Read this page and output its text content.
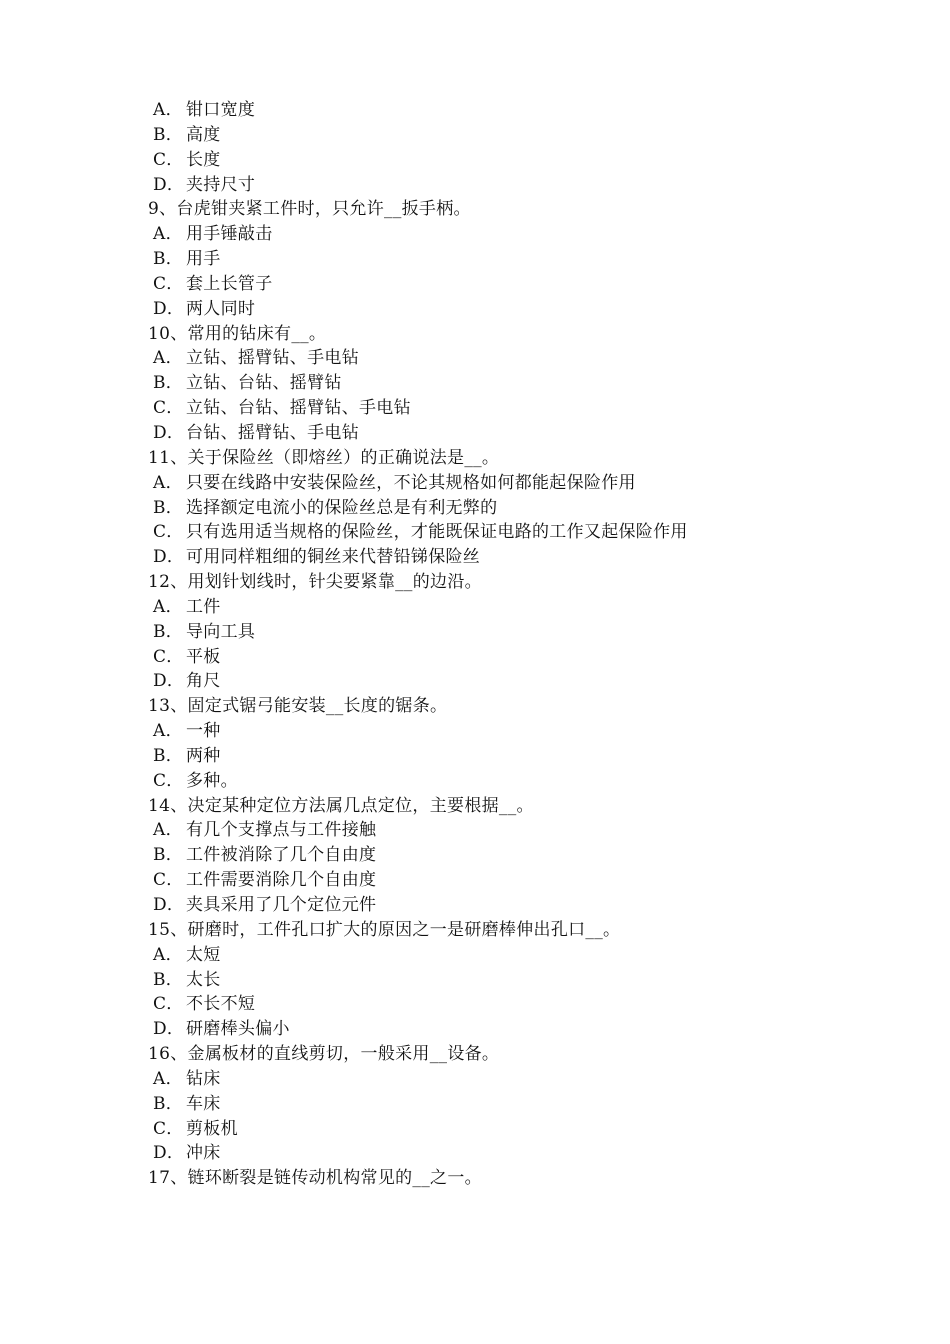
A． 钳口宽度
B． 高度
C． 长度
D． 夹持尺寸
9、台虎钳夹紧工件时，只允许__扳手柄。
A． 用手锤敲击
B． 用手
C． 套上长管子
D． 两人同时
10、常用的钻床有__。
A． 立钻、摇臂钻、手电钻
B． 立钻、台钻、摇臂钻
C． 立钻、台钻、摇臂钻、手电钻
D． 台钻、摇臂钻、手电钻
11、关于保险丝（即熔丝）的正确说法是__。
A． 只要在线路中安装保险丝，不论其规格如何都能起保险作用
B． 选择额定电流小的保险丝总是有利无弊的
C． 只有选用适当规格的保险丝，才能既保证电路的工作又起保险作用
D． 可用同样粗细的铜丝来代替铅锑保险丝
12、用划针划线时，针尖要紧靠__的边沿。
A． 工件
B． 导向工具
C． 平板
D． 角尺
13、固定式锯弓能安装__长度的锯条。
A． 一种
B． 两种
C． 多种。
14、决定某种定位方法属几点定位，主要根据__。
A． 有几个支撑点与工件接触
B． 工件被消除了几个自由度
C． 工件需要消除几个自由度
D． 夹具采用了几个定位元件
15、研磨时，工件孔口扩大的原因之一是研磨棒伸出孔口__。
A． 太短
B． 太长
C． 不长不短
D． 研磨棒头偏小
16、金属板材的直线剪切，一般采用__设备。
A． 钻床
B． 车床
C． 剪板机
D． 冲床
17、链环断裂是链传动机构常见的__之一。
